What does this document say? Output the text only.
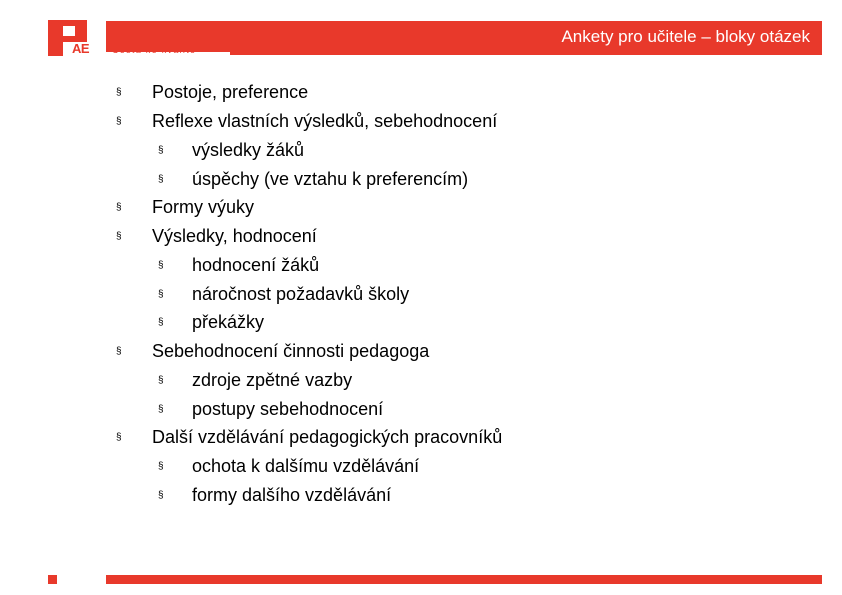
AE
Ankety pro učitele – bloky otázek
§ Postoje, preference
§ Reflexe vlastních výsledků, sebehodnocení
§ výsledky žáků
§ úspěchy (ve vztahu k preferencím)
§ Formy výuky
§ Výsledky, hodnocení
§ hodnocení žáků
§ náročnost požadavků školy
§ překážky
§ Sebehodnocení činnosti pedagoga
§ zdroje zpětné vazby
§ postupy sebehodnocení
§ Další vzdělávání pedagogických pracovníků
§ ochota k dalšímu vzdělávání
§ formy dalšího vzdělávání
